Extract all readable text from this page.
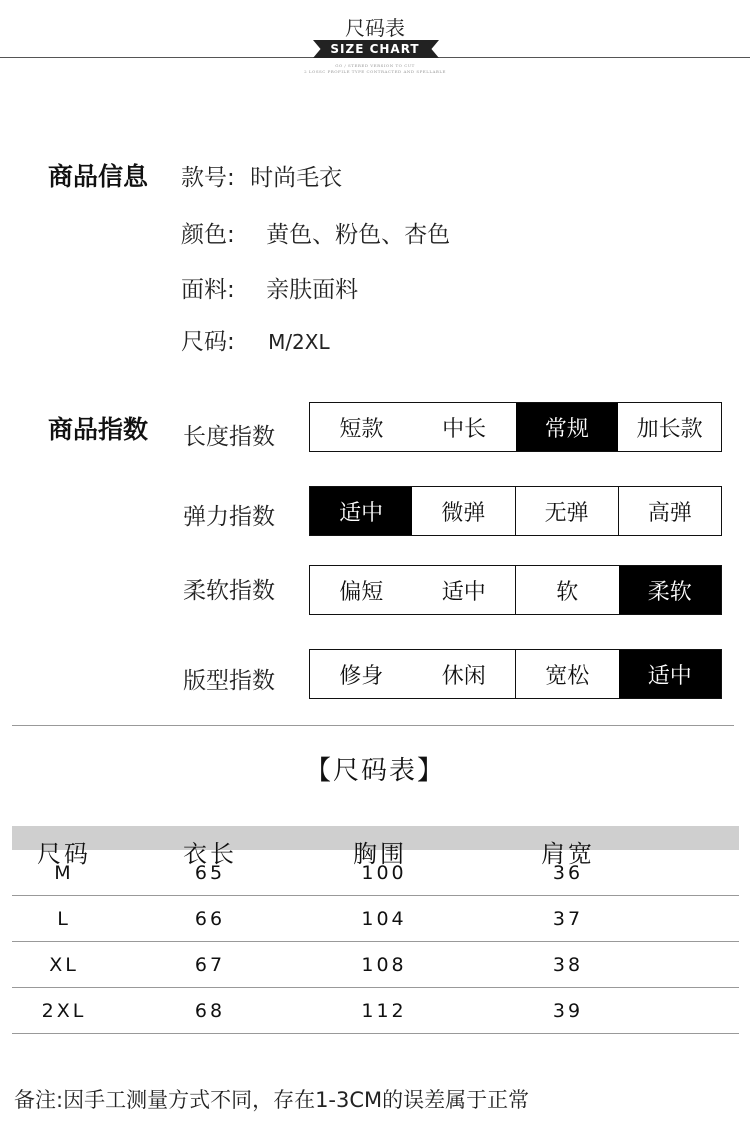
尺码表
SIZE CHART
GO / STERED VERSION TO CUT
2 LOSSC PROFILE TYPE CONTRACTED AND SPELLABLE
商品信息 款号: 时尚毛衣
颜色: 黄色、粉色、杏色
面料: 亲肤面料
尺码: M/2XL
商品指数 长度指数	短款	中长	常规	加长款
弹力指数	适中	微弹	无弹	高弹
柔软指数	偏短	适中	软	柔软
版型指数	修身	休闲	宽松	适中
【尺码表】
尺码	衣长	胸围	肩宽
M	65	100	36
L	66	104	37
XL	67	108	38
2XL	68	112	39
备注:因手工测量方式不同，存在1-3CM的误差属于正常
